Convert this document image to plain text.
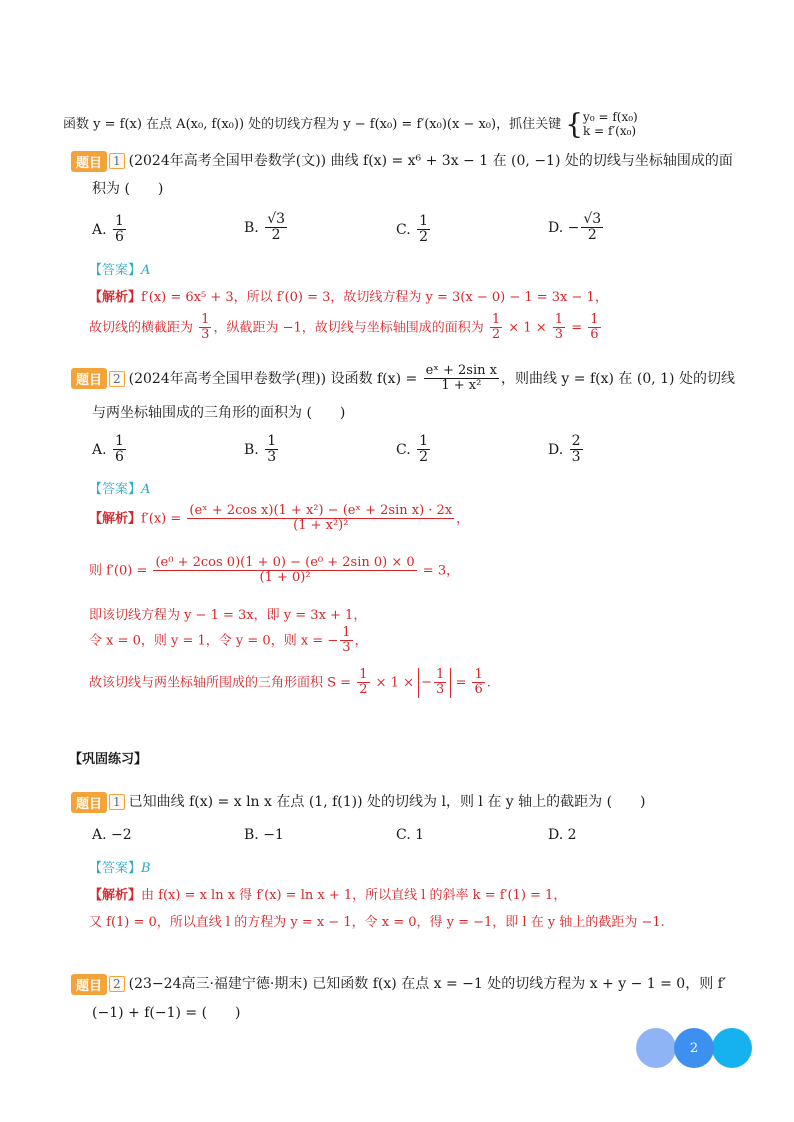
函数 y = f(x) 在点 A(x₀, f(x₀)) 处的切线方程为 y − f(x₀) = f′(x₀)(x − x₀)，抓住关键 { y₀ = f(x₀)
k = f′(x₀)
题目 1 (2024年高考全国甲卷数学(文)) 曲线 f(x) = x⁶ + 3x − 1 在 (0, −1) 处的切线与坐标轴围成的面
积为 (　　)
A. $\frac{1}{6}$	B. $\frac{√3}{2}$	C. $\frac{1}{2}$	D. − $\frac{√3}{2}$
【答案】A
【解析】f′(x) = 6x⁵ + 3，所以 f′(0) = 3，故切线方程为 y = 3(x − 0) − 1 = 3x − 1，
故切线的横截距为 $\frac{1}{3}$ ，纵截距为 −1，故切线与坐标轴围成的面积为 $\frac{1}{2} \times 1 \times \frac{1}{3} = \frac{1}{6}$
题目 2 (2024年高考全国甲卷数学(理)) 设函数 $f(x) = \frac{\text{eˣ + 2sin x}}{\text{1 + x²}}$ ，则曲线 y = f(x) 在 (0, 1) 处的切线
与两坐标轴围成的三角形的面积为 (　　)
A. $\frac{1}{6}$	B. $\frac{1}{3}$	C. $\frac{1}{2}$	D. $\frac{2}{3}$
【答案】A
【解析】$f'(x) = \frac{\text{(eˣ + 2cos x)(1 + x²) − (eˣ + 2sin x) · 2x}}{\text{(1 + x²)²}}$ ，
则 $f'(0) = \frac{\text{(e⁰ + 2cos 0)(1 + 0) − (e⁰ + 2sin 0) × 0}}{\text{(1 + 0)²}} = 3$，
即该切线方程为 y − 1 = 3x，即 y = 3x + 1，
令 x = 0，则 y = 1，令 y = 0，则 x = − $\frac{1}{3}$ ，
故该切线与两坐标轴所围成的三角形面积 $S = \frac{1}{2} \times 1$ × − $\frac{1}{3} = \frac{1}{6}$ .
【巩固练习】
题目 1 已知曲线 f(x) = x ln x 在点 (1, f(1)) 处的切线为 l，则 l 在 y 轴上的截距为 (　　)
A. −2	B. −1	C. 1	D. 2
【答案】B
【解析】由 f(x) = x ln x 得 f′(x) = ln x + 1，所以直线 l 的斜率 k = f′(1) = 1，
又 f(1) = 0，所以直线 l 的方程为 y = x − 1，令 x = 0，得 y = −1，即 l 在 y 轴上的截距为 −1.
题目 2 (23−24高三·福建宁德·期末) 已知函数 f(x) 在点 x = −1 处的切线方程为 x + y − 1 = 0，则 f′
(−1) + f(−1) = (　　)
2
